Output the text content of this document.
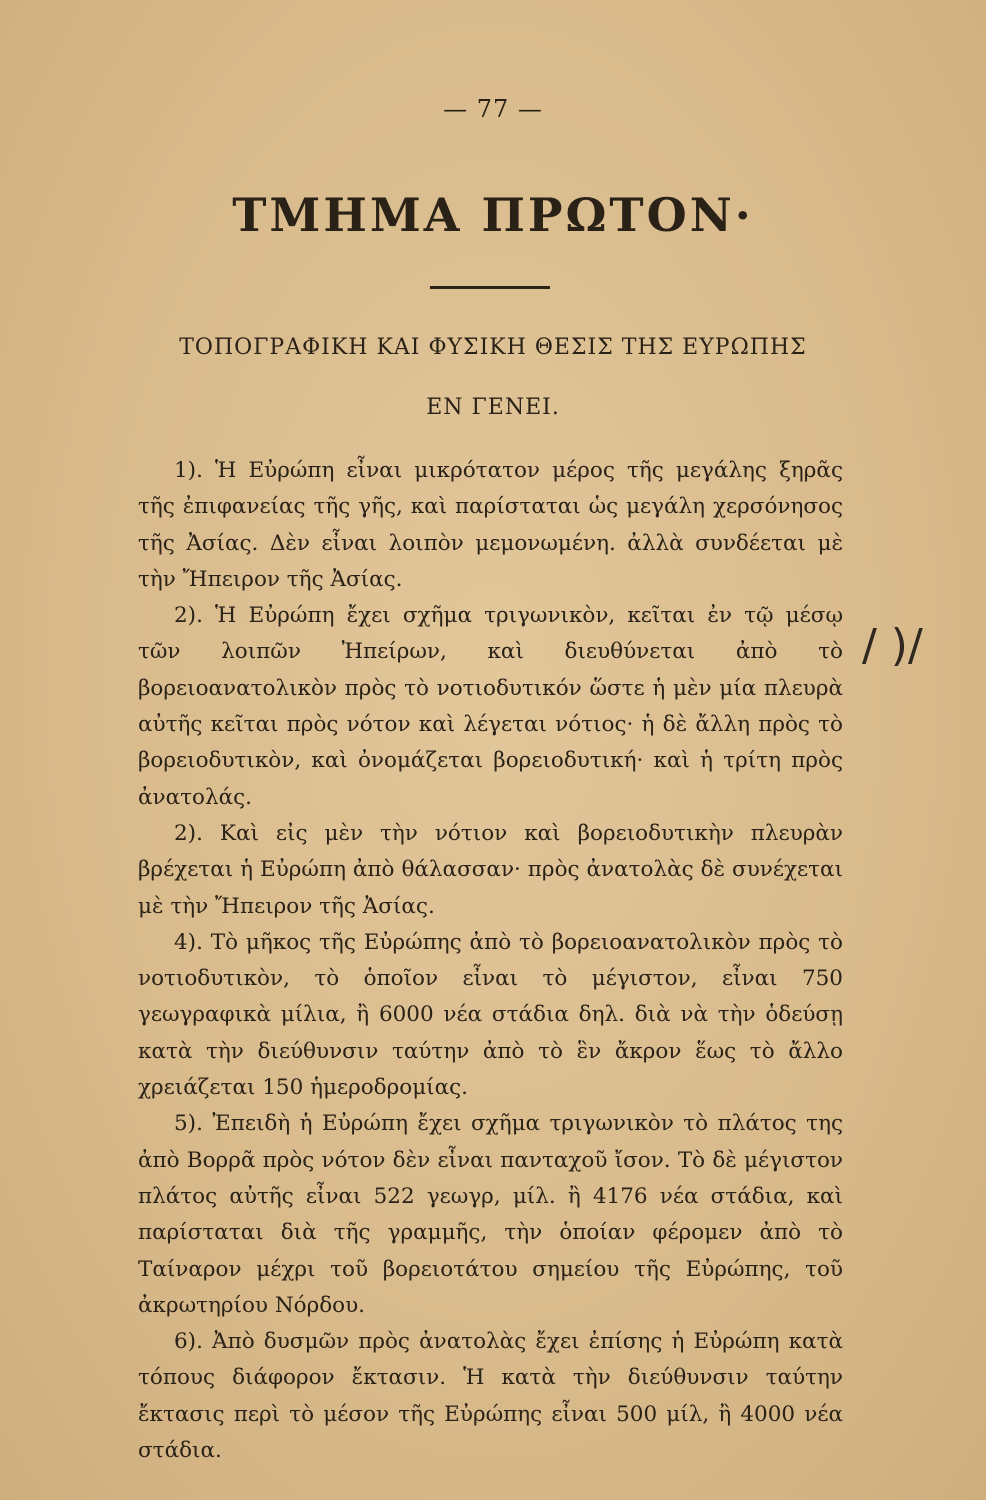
— 77 —
ΤΜΗΜΑ ΠΡΩΤΟΝ·
ΤΟΠΟΓΡΑΦΙΚΗ ΚΑΙ ΦΥΣΙΚΗ ΘΕΣΙΣ ΤΗΣ ΕΥΡΩΠΗΣ
ΕΝ ΓΕΝΕΙ.
/ )/

1). Ἡ Εὐρώπη εἶναι μικρότατον μέρος τῆς μεγάλης ξηρᾶς τῆς ἐπιφανείας τῆς γῆς, καὶ παρίσταται ὡς μεγάλη χερσόνησος τῆς Ἀσίας. Δὲν εἶναι λοιπὸν μεμονωμένη. ἀλλὰ συνδέεται μὲ τὴν Ἤπειρον τῆς Ἀσίας.

2). Ἡ Εὐρώπη ἔχει σχῆμα τριγωνικὸν, κεῖται ἐν τῷ μέσῳ τῶν λοιπῶν Ἠπείρων, καὶ διευθύνεται ἀπὸ τὸ βορειοανατολικὸν πρὸς τὸ νοτιοδυτικόν ὥστε ἡ μὲν μία πλευρὰ αὐτῆς κεῖται πρὸς νότον καὶ λέγεται νότιος· ἡ δὲ ἄλλη πρὸς τὸ βορειοδυτικὸν, καὶ ὀνομάζεται βορειοδυτική· καὶ ἡ τρίτη πρὸς ἀνατολάς.

2). Καὶ εἰς μὲν τὴν νότιον καὶ βορειοδυτικὴν πλευρὰν βρέχεται ἡ Εὐρώπη ἀπὸ θάλασσαν· πρὸς ἀνατολὰς δὲ συνέχεται μὲ τὴν Ἤπειρον τῆς Ἀσίας.

4). Τὸ μῆκος τῆς Εὐρώπης ἀπὸ τὸ βορειοανατολικὸν πρὸς τὸ νοτιοδυτικὸν, τὸ ὁποῖον εἶναι τὸ μέγιστον, εἶναι 750 γεωγραφικὰ μίλια, ἢ 6000 νέα στάδια δηλ. διὰ νὰ τὴν ὁδεύσῃ κατὰ τὴν διεύθυνσιν ταύτην ἀπὸ τὸ ἓν ἄκρον ἕως τὸ ἄλλο χρειάζεται 150 ἡμεροδρομίας.

5). Ἐπειδὴ ἡ Εὐρώπη ἔχει σχῆμα τριγωνικὸν τὸ πλάτος της ἀπὸ Βορρᾶ πρὸς νότον δὲν εἶναι πανταχοῦ ἴσον. Τὸ δὲ μέγιστον πλάτος αὐτῆς εἶναι 522 γεωγρ, μίλ. ἢ 4176 νέα στάδια, καὶ παρίσταται διὰ τῆς γραμμῆς, τὴν ὁποίαν φέρομεν ἀπὸ τὸ Ταίναρον μέχρι τοῦ βορειοτάτου σημείου τῆς Εὐρώπης, τοῦ ἀκρωτηρίου Νόρδου.

6). Ἀπὸ δυσμῶν πρὸς ἀνατολὰς ἔχει ἐπίσης ἡ Εὐρώπη κατὰ τόπους διάφορον ἔκτασιν. Ἡ κατὰ τὴν διεύθυνσιν ταύτην ἔκτασις περὶ τὸ μέσον τῆς Εὐρώπης εἶναι 500 μίλ, ἢ 4000 νέα στάδια.
